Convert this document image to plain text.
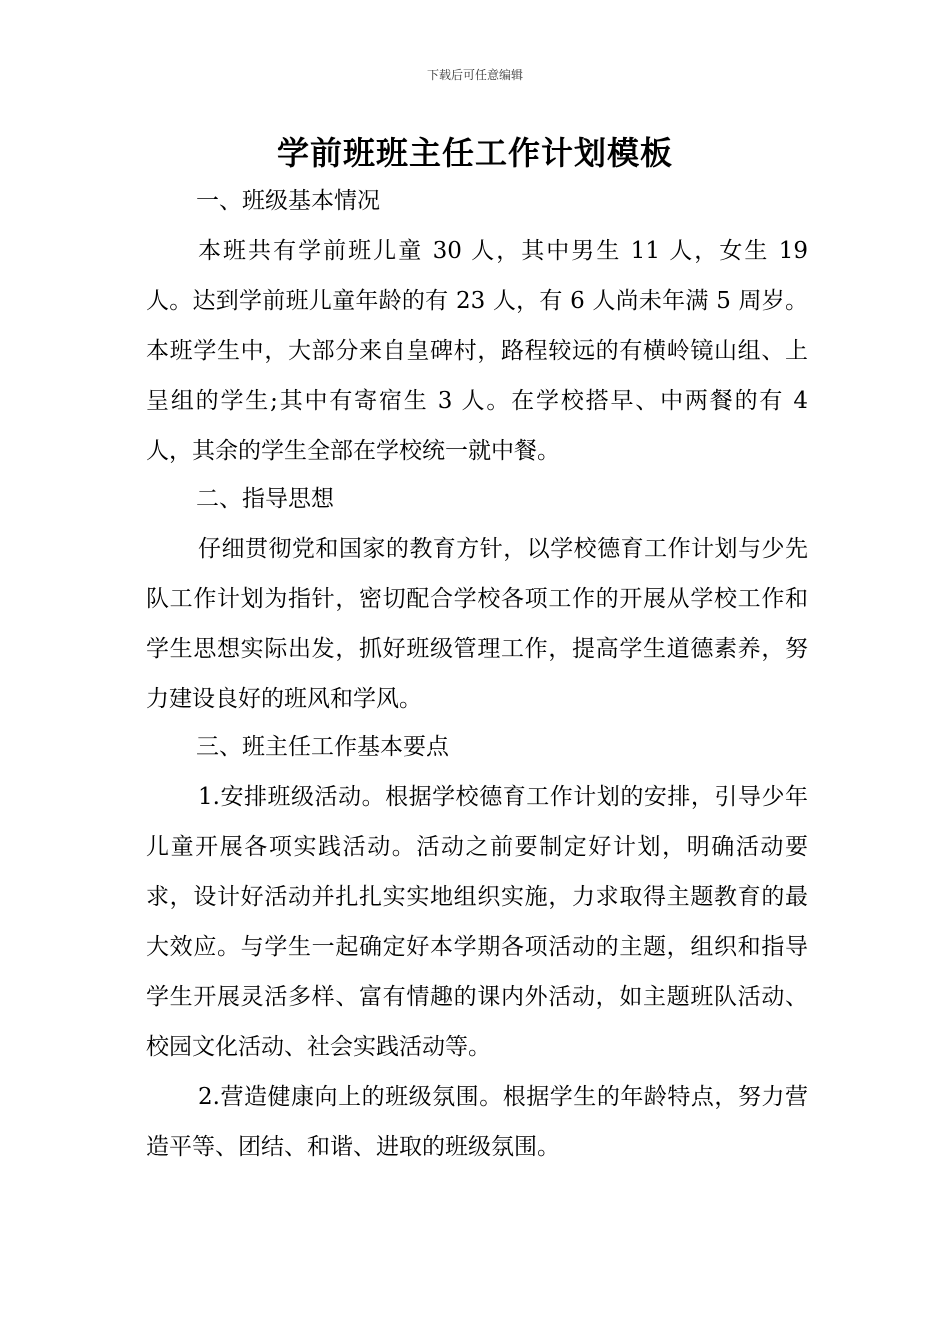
下载后可任意编辑
学前班班主任工作计划模板
一、班级基本情况

本班共有学前班儿童 30 人，其中男生 11 人，女生 19 人。达到学前班儿童年龄的有 23 人，有 6 人尚未年满 5 周岁。本班学生中，大部分来自皇碑村，路程较远的有横岭镜山组、上呈组的学生;其中有寄宿生 3 人。在学校搭早、中两餐的有 4 人，其余的学生全部在学校统一就中餐。

二、指导思想

仔细贯彻党和国家的教育方针，以学校德育工作计划与少先队工作计划为指针，密切配合学校各项工作的开展从学校工作和学生思想实际出发，抓好班级管理工作，提高学生道德素养，努力建设良好的班风和学风。

三、班主任工作基本要点

1.安排班级活动。根据学校德育工作计划的安排，引导少年儿童开展各项实践活动。活动之前要制定好计划，明确活动要求，设计好活动并扎扎实实地组织实施，力求取得主题教育的最大效应。与学生一起确定好本学期各项活动的主题，组织和指导学生开展灵活多样、富有情趣的课内外活动，如主题班队活动、校园文化活动、社会实践活动等。

2.营造健康向上的班级氛围。根据学生的年龄特点，努力营造平等、团结、和谐、进取的班级氛围。
